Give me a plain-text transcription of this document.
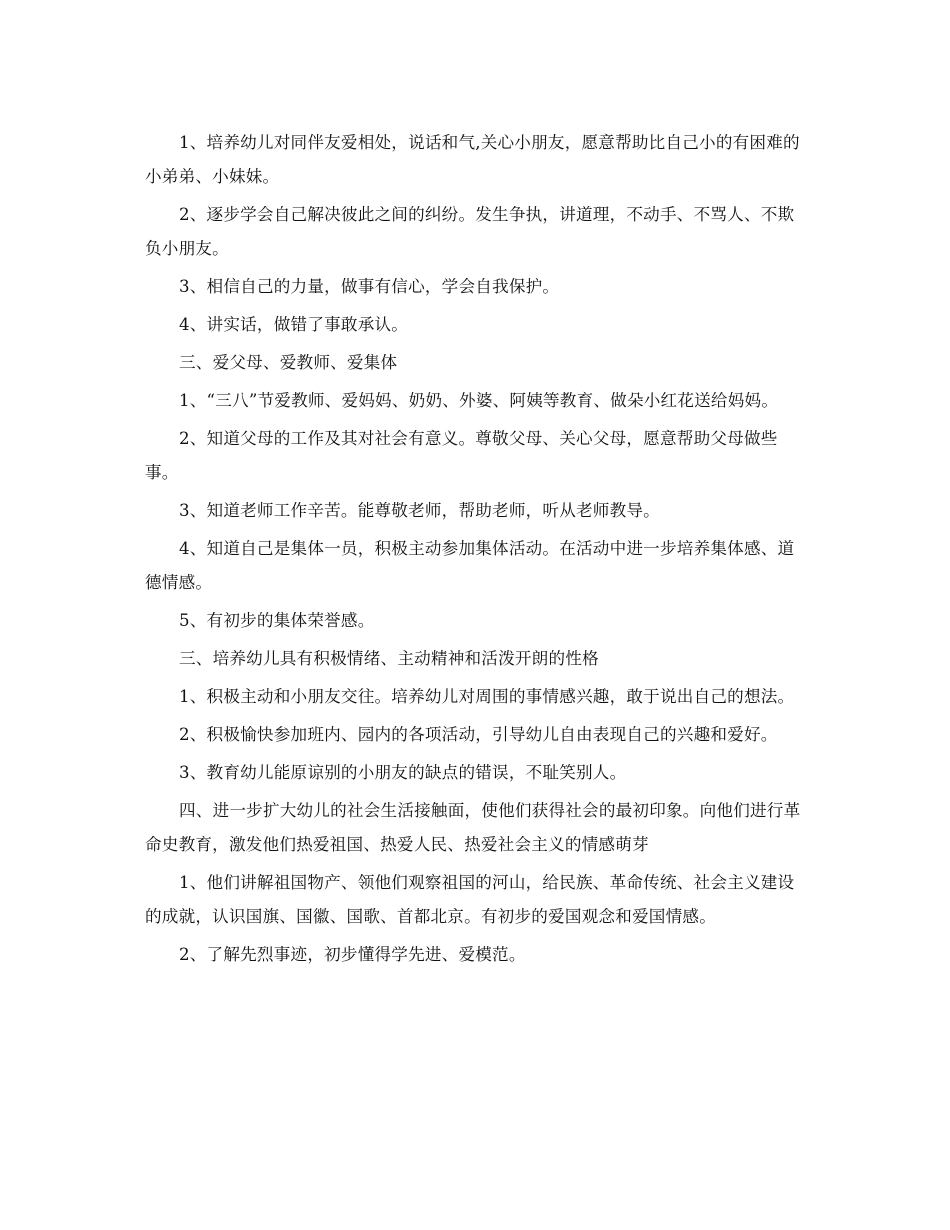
1、培养幼儿对同伴友爱相处，说话和气,关心小朋友，愿意帮助比自己小的有困难的小弟弟、小妹妹。

2、逐步学会自己解决彼此之间的纠纷。发生争执，讲道理，不动手、不骂人、不欺负小朋友。

3、相信自己的力量，做事有信心，学会自我保护。

4、讲实话，做错了事敢承认。

三、爱父母、爱教师、爱集体

1、“三八”节爱教师、爱妈妈、奶奶、外婆、阿姨等教育、做朵小红花送给妈妈。

2、知道父母的工作及其对社会有意义。尊敬父母、关心父母，愿意帮助父母做些事。

3、知道老师工作辛苦。能尊敬老师，帮助老师，听从老师教导。

4、知道自己是集体一员，积极主动参加集体活动。在活动中进一步培养集体感、道德情感。

5、有初步的集体荣誉感。

三、培养幼儿具有积极情绪、主动精神和活泼开朗的性格

1、积极主动和小朋友交往。培养幼儿对周围的事情感兴趣，敢于说出自己的想法。

2、积极愉快参加班内、园内的各项活动，引导幼儿自由表现自己的兴趣和爱好。

3、教育幼儿能原谅别的小朋友的缺点的错误，不耻笑别人。

四、进一步扩大幼儿的社会生活接触面，使他们获得社会的最初印象。向他们进行革命史教育，激发他们热爱祖国、热爱人民、热爱社会主义的情感萌芽

1、他们讲解祖国物产、领他们观察祖国的河山，给民族、革命传统、社会主义建设的成就，认识国旗、国徽、国歌、首都北京。有初步的爱国观念和爱国情感。

2、了解先烈事迹，初步懂得学先进、爱模范。
